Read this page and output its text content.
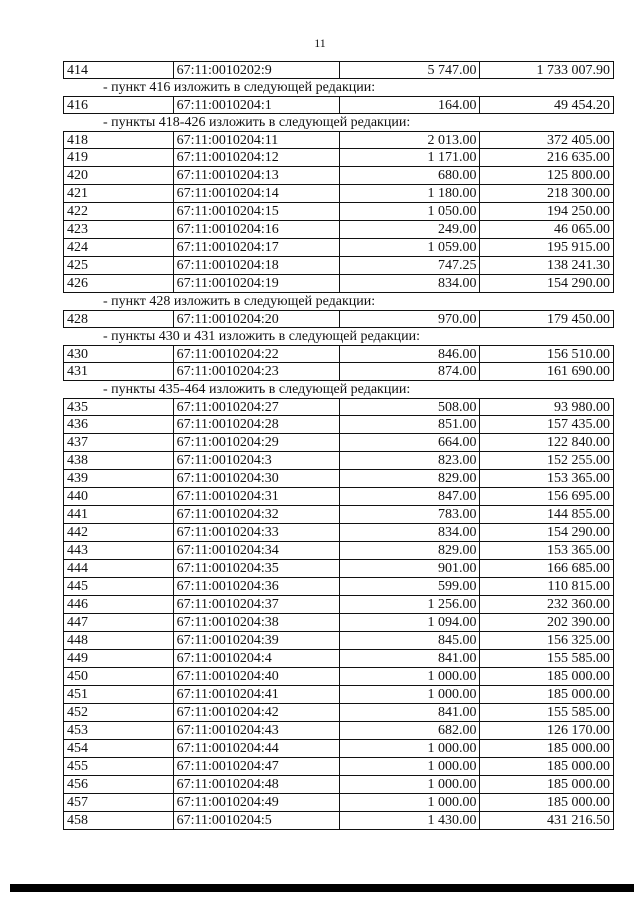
11
414	67:11:0010202:9	5 747.00	1 733 007.90
- пункт 416 изложить в следующей редакции:
416	67:11:0010204:1	164.00	49 454.20
- пункты 418-426 изложить в следующей редакции:
418	67:11:0010204:11	2 013.00	372 405.00
419	67:11:0010204:12	1 171.00	216 635.00
420	67:11:0010204:13	680.00	125 800.00
421	67:11:0010204:14	1 180.00	218 300.00
422	67:11:0010204:15	1 050.00	194 250.00
423	67:11:0010204:16	249.00	46 065.00
424	67:11:0010204:17	1 059.00	195 915.00
425	67:11:0010204:18	747.25	138 241.30
426	67:11:0010204:19	834.00	154 290.00
- пункт 428 изложить в следующей редакции:
428	67:11:0010204:20	970.00	179 450.00
- пункты 430 и 431 изложить в следующей редакции:
430	67:11:0010204:22	846.00	156 510.00
431	67:11:0010204:23	874.00	161 690.00
- пункты 435-464 изложить в следующей редакции:
435	67:11:0010204:27	508.00	93 980.00
436	67:11:0010204:28	851.00	157 435.00
437	67:11:0010204:29	664.00	122 840.00
438	67:11:0010204:3	823.00	152 255.00
439	67:11:0010204:30	829.00	153 365.00
440	67:11:0010204:31	847.00	156 695.00
441	67:11:0010204:32	783.00	144 855.00
442	67:11:0010204:33	834.00	154 290.00
443	67:11:0010204:34	829.00	153 365.00
444	67:11:0010204:35	901.00	166 685.00
445	67:11:0010204:36	599.00	110 815.00
446	67:11:0010204:37	1 256.00	232 360.00
447	67:11:0010204:38	1 094.00	202 390.00
448	67:11:0010204:39	845.00	156 325.00
449	67:11:0010204:4	841.00	155 585.00
450	67:11:0010204:40	1 000.00	185 000.00
451	67:11:0010204:41	1 000.00	185 000.00
452	67:11:0010204:42	841.00	155 585.00
453	67:11:0010204:43	682.00	126 170.00
454	67:11:0010204:44	1 000.00	185 000.00
455	67:11:0010204:47	1 000.00	185 000.00
456	67:11:0010204:48	1 000.00	185 000.00
457	67:11:0010204:49	1 000.00	185 000.00
458	67:11:0010204:5	1 430.00	431 216.50
